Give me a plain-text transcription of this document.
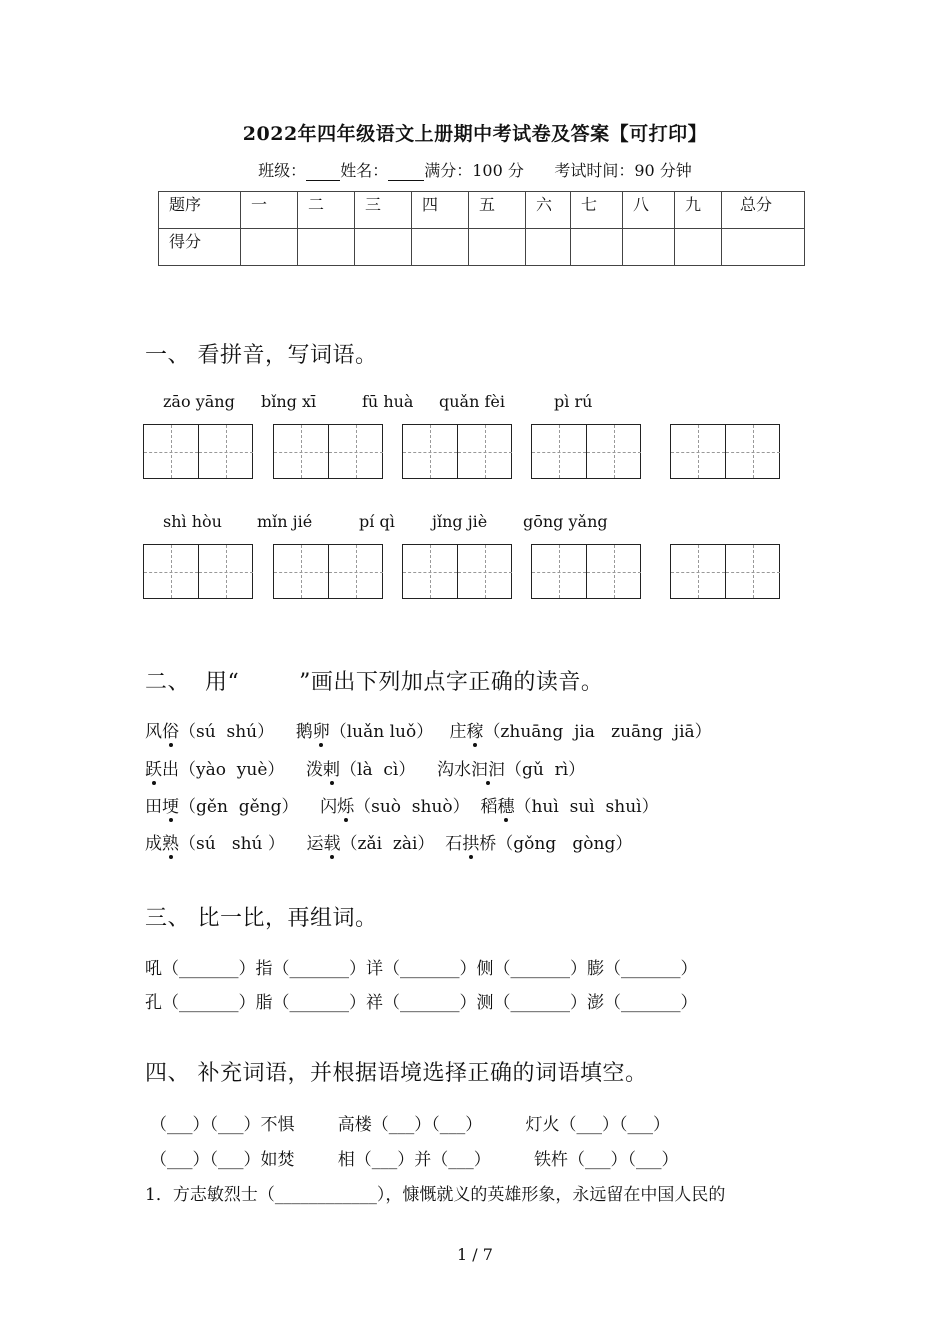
2022年四年级语文上册期中考试卷及答案【可打印】
班级： 姓名： 满分：100 分 考试时间：90 分钟
题序	一	二	三	四	五	六	七	八	九	总分
得分										
一、 看拼音，写词语。
zāo yāng bǐng xī	fū huà quǎn fèi	pì rú
shì hòu mǐn jié	pí qì jǐng jiè gōng yǎng
二、  用“        ”画出下列加点字正确的读音。
风俗（sú  shú）    鹅卵（luǎn luǒ）   庄稼（zhuāng  jia   zuāng  jiā）
跃出（yào  yuè）    泼剌（là  cì）    沟水汩汩（gǔ  rì）
田埂（gěn  gěng）    闪烁（suò  shuò）  稻穗（huì  suì  shuì）
成熟（sú   shú ）    运载（zǎi  zài）  石拱桥（gǒng   gòng）
三、 比一比，再组词。
吼（_______）指（_______）详（_______）侧（_______）膨（_______）
孔（_______）脂（_______）祥（_______）测（_______）澎（_______）
四、 补充词语，并根据语境选择正确的词语填空。
（___）（___）不惧        高楼（___）（___）        灯火（___）（___）
（___）（___）如焚        相（___）并（___）        铁杵（___）（___）
1．方志敏烈士（____________），慷慨就义的英雄形象，永远留在中国人民的
1 / 7
